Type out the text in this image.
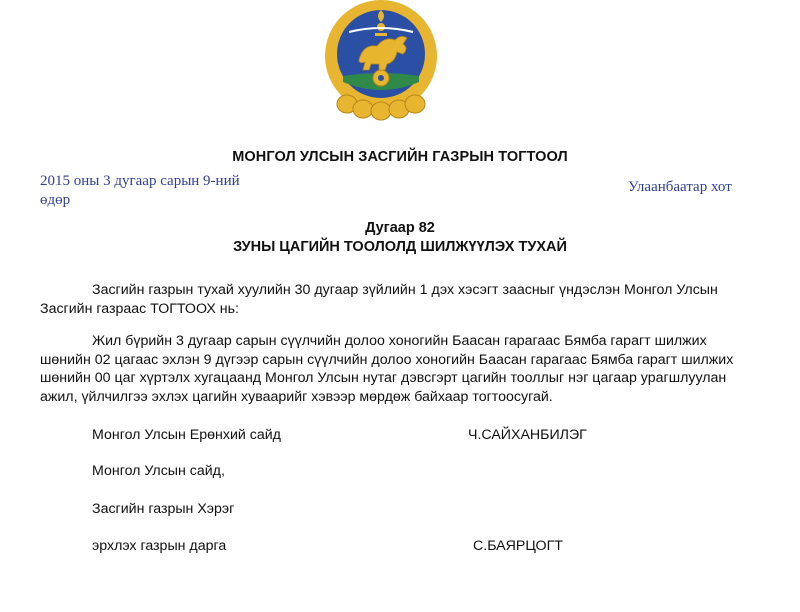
МОНГОЛ УЛСЫН ЗАСГИЙН ГАЗРЫН ТОГТООЛ
2015 оны 3 дугаар сарын 9-ний
өдөр
Улаанбаатар хот
Дугаар 82
ЗУНЫ ЦАГИЙН ТООЛОЛД ШИЛЖҮҮЛЭХ ТУХАЙ

Засгийн газрын тухай хуулийн 30 дугаар зүйлийн 1 дэх хэсэгт заасныг үндэслэн Монгол Улсын Засгийн газраас ТОГТООХ нь:

Жил бүрийн 3 дугаар сарын сүүлчийн долоо хоногийн Баасан гарагаас Бямба гарагт шилжих шөнийн 02 цагаас эхлэн 9 дүгээр сарын сүүлчийн долоо хоногийн Баасан гарагаас Бямба гарагт шилжих шөнийн 00 цаг хүртэлх хугацаанд Монгол Улсын нутаг дэвсгэрт цагийн тооллыг нэг цагаар урагшлуулан ажил, үйлчилгээ эхлэх цагийн хуваарийг хэвээр мөрдөж байхаар тогтоосугай.

Монгол Улсын Ерөнхий сайд	Ч.САЙХАНБИЛЭГ
Монгол Улсын сайд,
Засгийн газрын Хэрэг
эрхлэх газрын дарга	С.БАЯРЦОГТ
